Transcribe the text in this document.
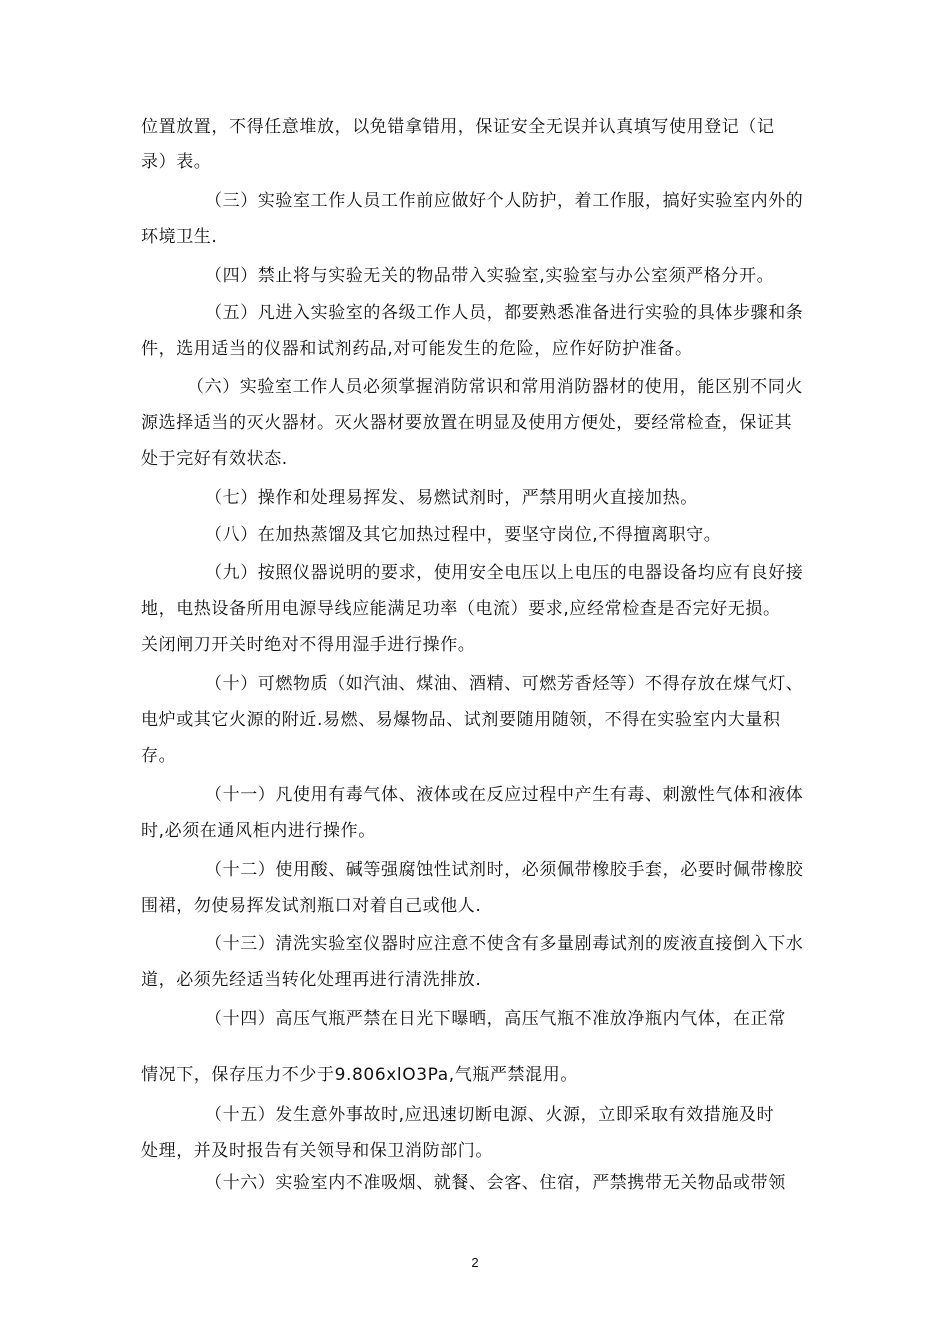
位置放置，不得任意堆放，以免错拿错用，保证安全无误并认真填写使用登记（记
录）表。
（三）实验室工作人员工作前应做好个人防护，着工作服，搞好实验室内外的
环境卫生.
（四）禁止将与实验无关的物品带入实验室,实验室与办公室须严格分开。
（五）凡进入实验室的各级工作人员，都要熟悉准备进行实验的具体步骤和条
件，选用适当的仪器和试剂药品,对可能发生的危险，应作好防护准备。
（六）实验室工作人员必须掌握消防常识和常用消防器材的使用，能区别不同火
源选择适当的灭火器材。灭火器材要放置在明显及使用方便处，要经常检查，保证其
处于完好有效状态.
（七）操作和处理易挥发、易燃试剂时，严禁用明火直接加热。
（八）在加热蒸馏及其它加热过程中，要坚守岗位,不得擅离职守。
（九）按照仪器说明的要求，使用安全电压以上电压的电器设备均应有良好接
地，电热设备所用电源导线应能满足功率（电流）要求,应经常检查是否完好无损。
关闭闸刀开关时绝对不得用湿手进行操作。
（十）可燃物质（如汽油、煤油、酒精、可燃芳香烃等）不得存放在煤气灯、
电炉或其它火源的附近.易燃、易爆物品、试剂要随用随领，不得在实验室内大量积
存。
（十一）凡使用有毒气体、液体或在反应过程中产生有毒、刺激性气体和液体
时,必须在通风柜内进行操作。
（十二）使用酸、碱等强腐蚀性试剂时，必须佩带橡胶手套，必要时佩带橡胶
围裙，勿使易挥发试剂瓶口对着自己或他人.
（十三）清洗实验室仪器时应注意不使含有多量剧毒试剂的废液直接倒入下水
道，必须先经适当转化处理再进行清洗排放.
（十四）高压气瓶严禁在日光下曝晒，高压气瓶不准放净瓶内气体，在正常
情况下，保存压力不少于9.806xlO3Pa,气瓶严禁混用。
（十五）发生意外事故时,应迅速切断电源、火源，立即采取有效措施及时
处理，并及时报告有关领导和保卫消防部门。
（十六）实验室内不准吸烟、就餐、会客、住宿，严禁携带无关物品或带领
2
